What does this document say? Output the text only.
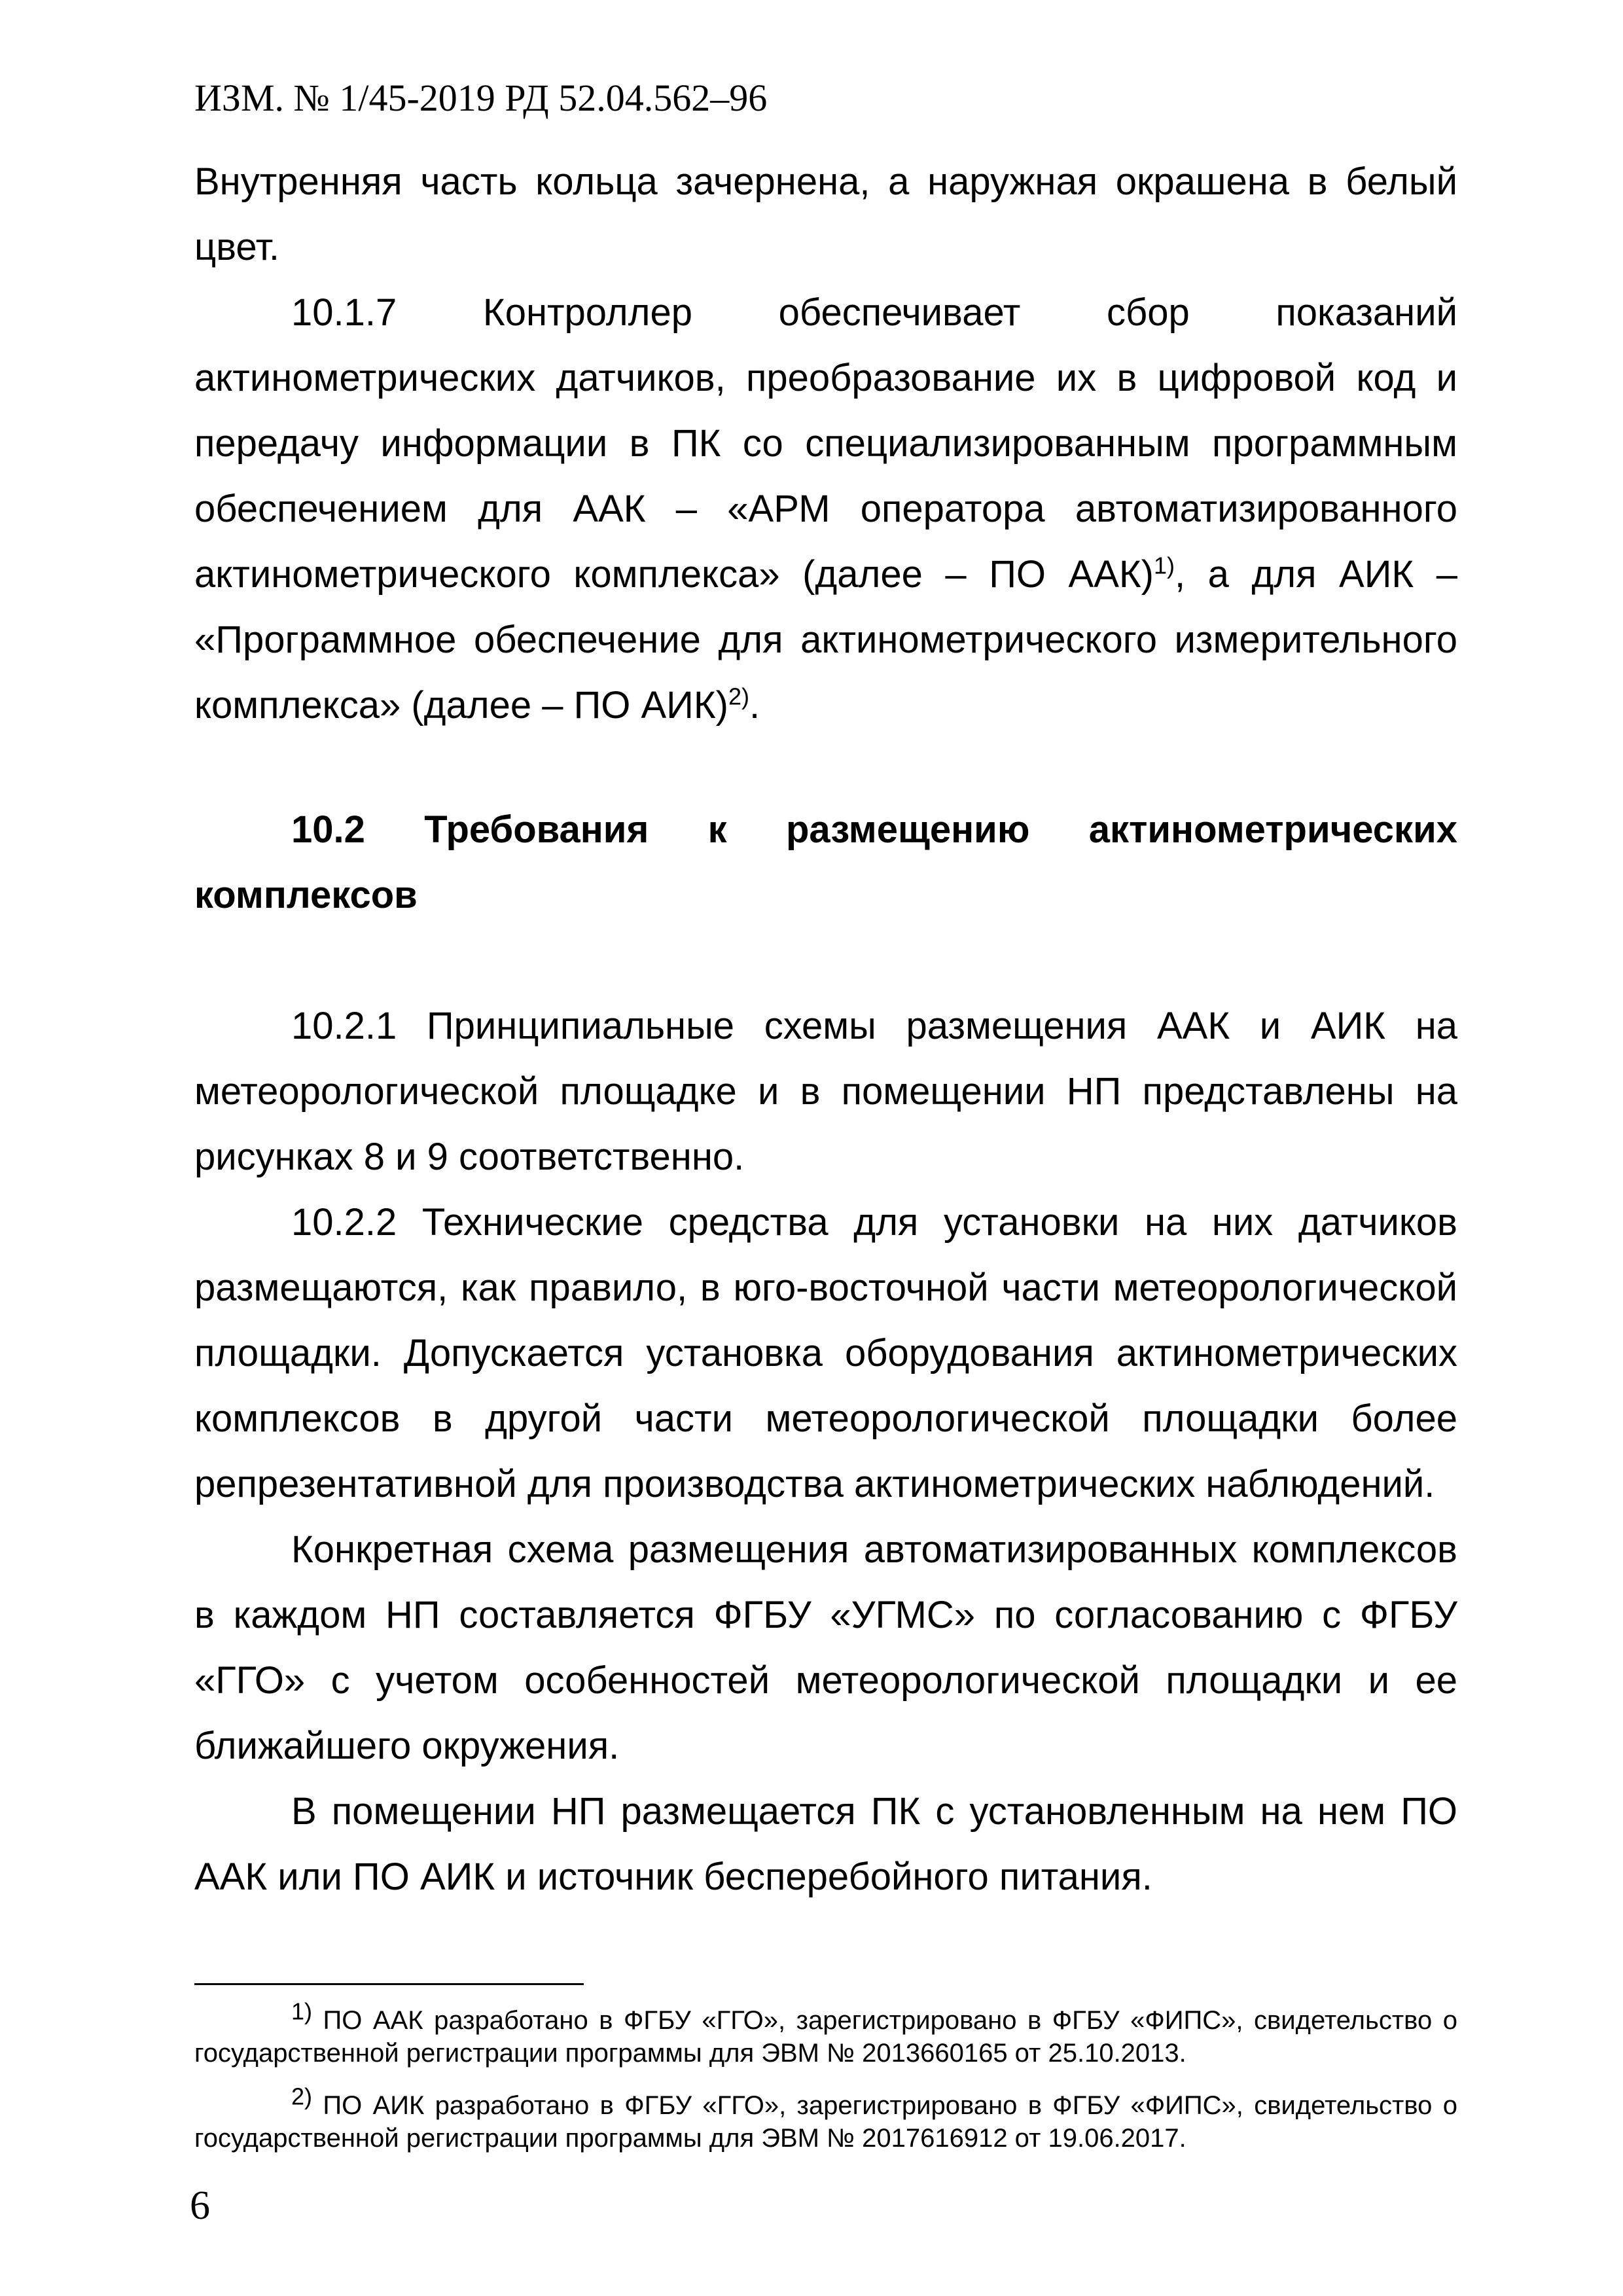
ИЗМ. № 1/45-2019 РД 52.04.562–96

Внутренняя часть кольца зачернена, а наружная окрашена в белый цвет.

10.1.7 Контроллер обеспечивает сбор показаний актинометрических датчиков, преобразование их в цифровой код и передачу информации в ПК со специализированным программным обеспечением для ААК – «АРМ оператора автоматизированного актинометрического комплекса» (далее – ПО ААК)$^{1)}$, а для АИК – «Программное обеспечение для актинометрического измерительного комплекса» (далее – ПО АИК)$^{2)}$.

10.2 Требования к размещению актинометрических комплексов

10.2.1 Принципиальные схемы размещения ААК и АИК на метеорологической площадке и в помещении НП представлены на рисунках 8 и 9 соответственно.

10.2.2 Технические средства для установки на них датчиков размещаются, как правило, в юго-восточной части метеорологической площадки. Допускается установка оборудования актинометрических комплексов в другой части метеорологической площадки более репрезентативной для производства актинометрических наблюдений.

Конкретная схема размещения автоматизированных комплексов в каждом НП составляется ФГБУ «УГМС» по согласованию с ФГБУ «ГГО» с учетом особенностей метеорологической площадки и ее ближайшего окружения.

В помещении НП размещается ПК с установленным на нем ПО ААК или ПО АИК и источник бесперебойного питания.

$^{1)}$ ПО ААК разработано в ФГБУ «ГГО», зарегистрировано в ФГБУ «ФИПС», свидетельство о государственной регистрации программы для ЭВМ № 2013660165 от 25.10.2013.

$^{2)}$ ПО АИК разработано в ФГБУ «ГГО», зарегистрировано в ФГБУ «ФИПС», свидетельство о государственной регистрации программы для ЭВМ № 2017616912 от 19.06.2017.

6
